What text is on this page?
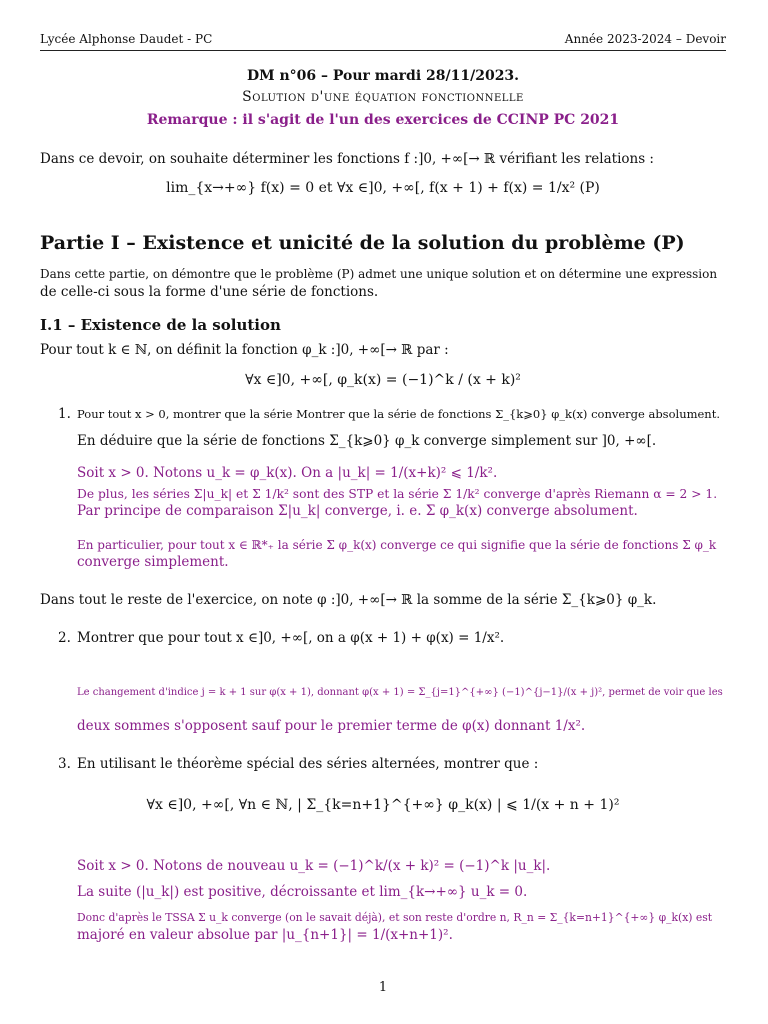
Lycée Alphonse Daudet - PC	Année 2023-2024 – Devoir
DM n°06 – Pour mardi 28/11/2023.
Solution d'une équation fonctionnelle
Remarque : il s'agit de l'un des exercices de CCINP PC 2021
Dans ce devoir, on souhaite déterminer les fonctions f :]0, +∞[→ ℝ vérifiant les relations :
lim_{x→+∞} f(x) = 0 et ∀x ∈]0, +∞[, f(x + 1) + f(x) = 1/x² (P)
Partie I – Existence et unicité de la solution du problème (P)
Dans cette partie, on démontre que le problème (P) admet une unique solution et on détermine une expression
de celle-ci sous la forme d'une série de fonctions.
I.1 – Existence de la solution
Pour tout k ∈ ℕ, on définit la fonction φ_k :]0, +∞[→ ℝ par :
∀x ∈]0, +∞[, φ_k(x) = (−1)^k / (x + k)²
1. Pour tout x > 0, montrer que la série Montrer que la série de fonctions Σ_{k⩾0} φ_k(x) converge absolument.
En déduire que la série de fonctions Σ_{k⩾0} φ_k converge simplement sur ]0, +∞[.
Soit x > 0. Notons u_k = φ_k(x). On a |u_k| = 1/(x+k)² ⩽ 1/k².
De plus, les séries Σ|u_k| et Σ 1/k² sont des STP et la série Σ 1/k² converge d'après Riemann α = 2 > 1.
Par principe de comparaison Σ|u_k| converge, i. e. Σ φ_k(x) converge absolument.
En particulier, pour tout x ∈ ℝ*₊ la série Σ φ_k(x) converge ce qui signifie que la série de fonctions Σ φ_k
converge simplement.
Dans tout le reste de l'exercice, on note φ :]0, +∞[→ ℝ la somme de la série Σ_{k⩾0} φ_k.
2. Montrer que pour tout x ∈]0, +∞[, on a φ(x + 1) + φ(x) = 1/x².
Le changement d'indice j = k + 1 sur φ(x + 1), donnant φ(x + 1) = Σ_{j=1}^{+∞} (−1)^{j−1}/(x + j)², permet de voir que les
deux sommes s'opposent sauf pour le premier terme de φ(x) donnant 1/x².
3. En utilisant le théorème spécial des séries alternées, montrer que :
∀x ∈]0, +∞[, ∀n ∈ ℕ, | Σ_{k=n+1}^{+∞} φ_k(x) | ⩽ 1/(x + n + 1)²
Soit x > 0. Notons de nouveau u_k = (−1)^k/(x + k)² = (−1)^k |u_k|.
La suite (|u_k|) est positive, décroissante et lim_{k→+∞} u_k = 0.
Donc d'après le TSSA Σ u_k converge (on le savait déjà), et son reste d'ordre n, R_n = Σ_{k=n+1}^{+∞} φ_k(x) est
majoré en valeur absolue par |u_{n+1}| = 1/(x+n+1)².
1
